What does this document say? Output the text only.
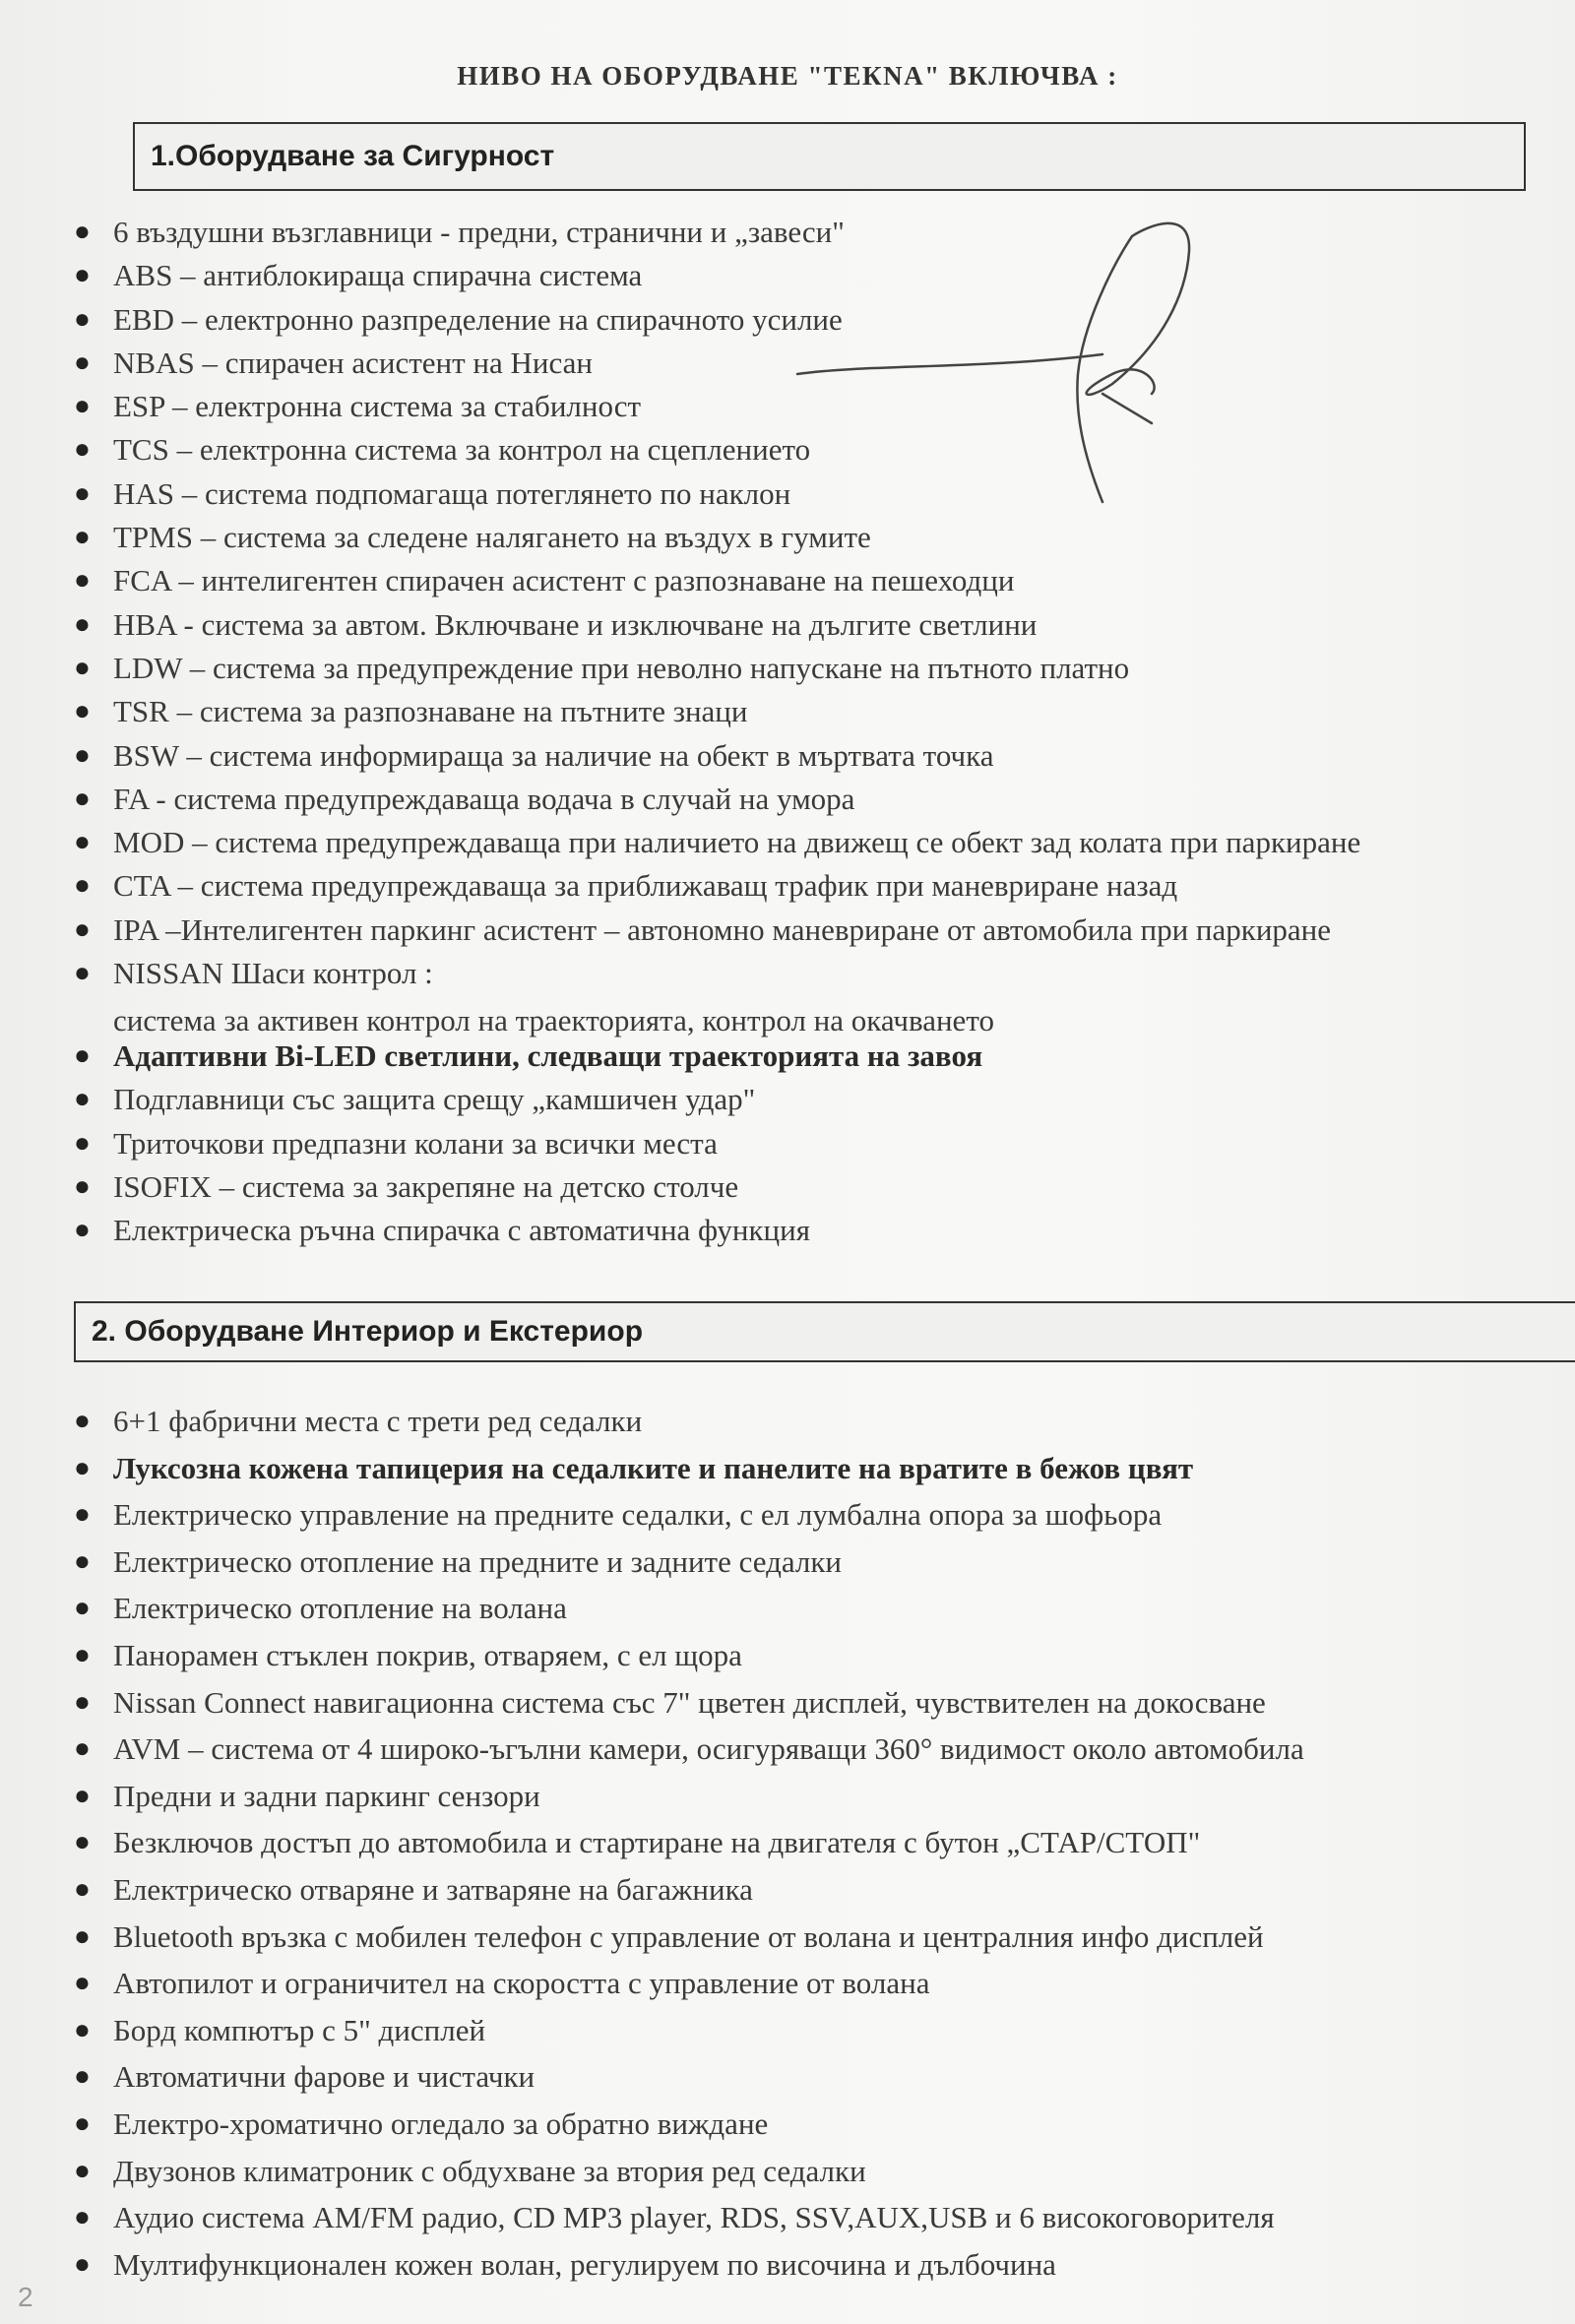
НИВО НА ОБОРУДВАНЕ "ТЕКNA" ВКЛЮЧВА :
1.Оборудване за Сигурност
● 6 въздушни възглавници - предни, странични и „завеси"
● ABS – антиблокираща спирачна система
● EBD – електронно разпределение на спирачното усилие
● NBAS – спирачен асистент на Нисан
● ESP – електронна система за стабилност
● TCS – електронна система за контрол на сцеплението
● HAS – система подпомагаща потеглянето по наклон
● TPMS – система за следене налягането на въздух в гумите
● FCA – интелигентен спирачен асистент с разпознаване на пешеходци
● HBA - система за автом. Включване и изключване на дългите светлини
● LDW – система за предупреждение при неволно напускане на пътното платно
● TSR – система за разпознаване на пътните знаци
● BSW – система информираща за наличие на обект в мъртвата точка
● FA - система предупреждаваща водача в случай на умора
● MOD – система предупреждаваща при наличието на движещ се обект зад колата при паркиране
● CTA – система предупреждаваща за приближаващ трафик при маневриране назад
● IPA –Интелигентен паркинг асистент – автономно маневриране от автомобила при паркиране
● NISSAN Шаси контрол :
система за активен контрол на траекторията, контрол на окачването
● Адаптивни Bi-LED светлини, следващи траекторията на завоя
● Подглавници със защита срещу „камшичен удар"
● Триточкови предпазни колани за всички места
● ISOFIX – система за закрепяне на детско столче
● Електрическа ръчна спирачка с автоматична функция
2. Оборудване Интериор и Екстериор
● 6+1 фабрични места с трети ред седалки
● Луксозна кожена тапицерия на седалките и панелите на вратите в бежов цвят
● Електрическо управление на предните седалки, с ел лумбална опора за шофьора
● Електрическо отопление на предните и задните седалки
● Електрическо отопление на волана
● Панорамен стъклен покрив, отваряем, с ел щора
● Nissan Connect навигационна система със 7" цветен дисплей, чувствителен на докосване
● AVM – система от 4 широко-ъгълни камери, осигуряващи 360° видимост около автомобила
● Предни и задни паркинг сензори
● Безключов достъп до автомобила и стартиране на двигателя с бутон „СТАР/СТОП"
● Електрическо отваряне и затваряне на багажника
● Bluetooth връзка с мобилен телефон с управление от волана и централния инфо дисплей
● Автопилот и ограничител на скоростта с управление от волана
● Борд компютър с 5" дисплей
● Автоматични фарове и чистачки
● Електро-хроматично огледало за обратно виждане
● Двузонов климатроник с обдухване за втория ред седалки
● Аудио система AM/FM радио, CD MP3 player, RDS, SSV,AUX,USB и 6 високоговорителя
● Мултифункционален кожен волан, регулируем по височина и дълбочина
2
